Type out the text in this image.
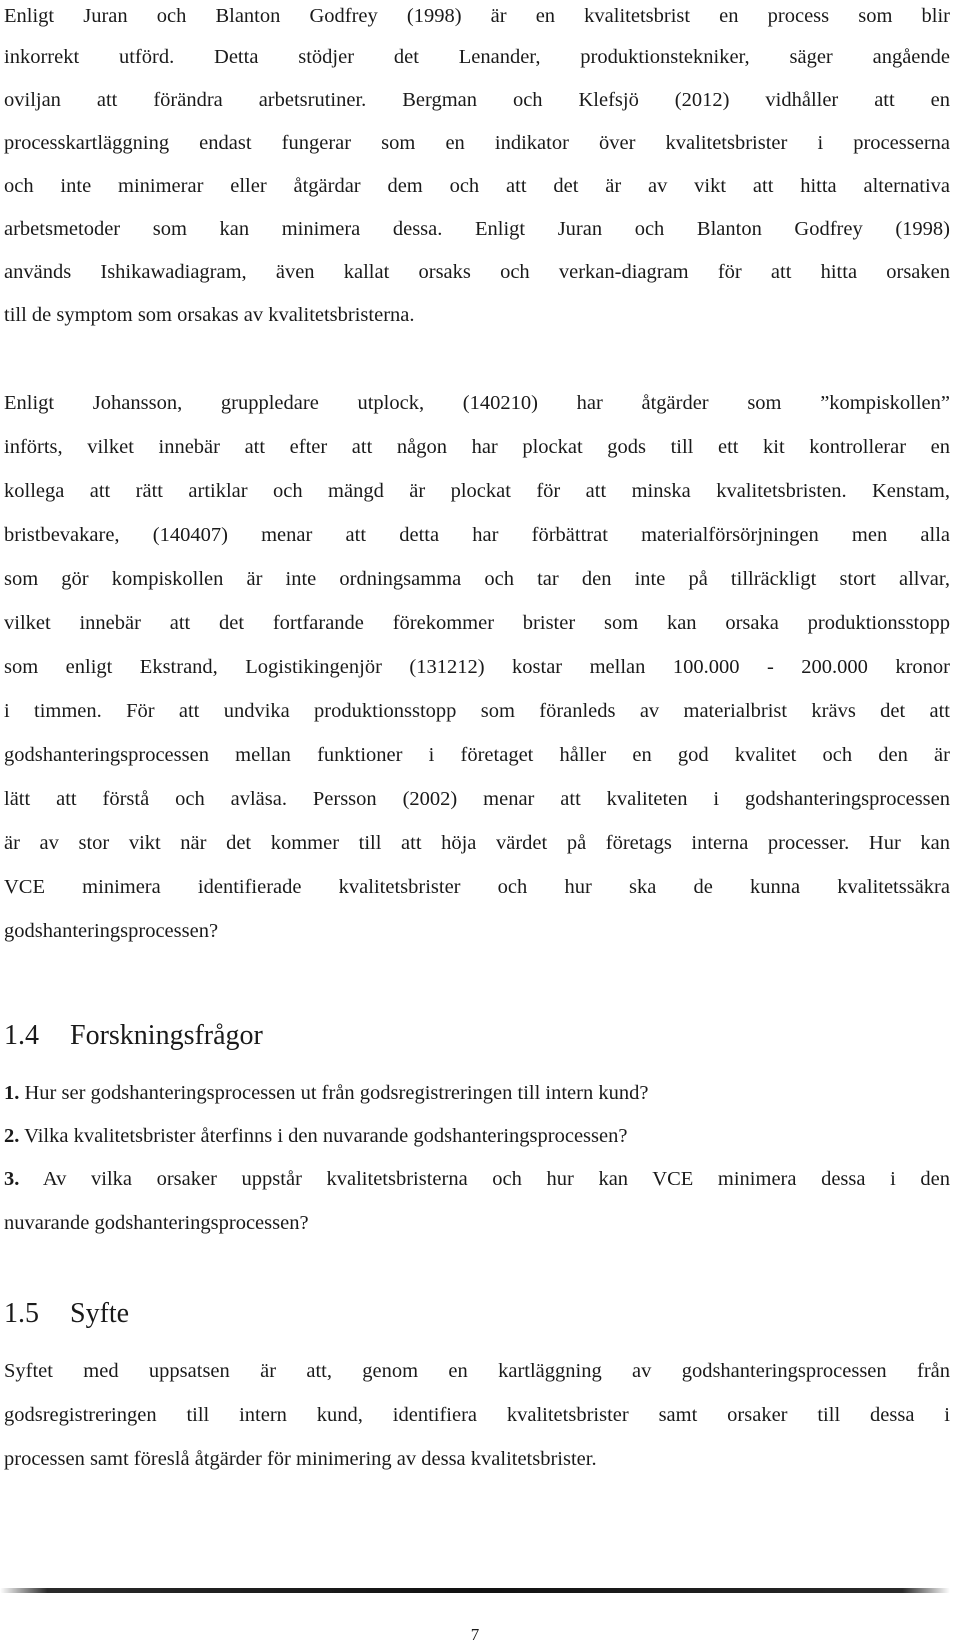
Enligt Juran och Blanton Godfrey (1998) är en kvalitetsbrist en process som blir
inkorrekt utförd. Detta stödjer det Lenander, produktionstekniker, säger angående
oviljan att förändra arbetsrutiner. Bergman och Klefsjö (2012) vidhåller att en
processkartläggning endast fungerar som en indikator över kvalitetsbrister i processerna
och inte minimerar eller åtgärdar dem och att det är av vikt att hitta alternativa
arbetsmetoder som kan minimera dessa. Enligt Juran och Blanton Godfrey (1998)
används Ishikawadiagram, även kallat orsaks och verkan-diagram för att hitta orsaken
till de symptom som orsakas av kvalitetsbristerna.
Enligt Johansson, gruppledare utplock, (140210) har åtgärder som ”kompiskollen”
införts, vilket innebär att efter att någon har plockat gods till ett kit kontrollerar en
kollega att rätt artiklar och mängd är plockat för att minska kvalitetsbristen. Kenstam,
bristbevakare, (140407) menar att detta har förbättrat materialförsörjningen men alla
som gör kompiskollen är inte ordningsamma och tar den inte på tillräckligt stort allvar,
vilket innebär att det fortfarande förekommer brister som kan orsaka produktionsstopp
som enligt Ekstrand, Logistikingenjör (131212) kostar mellan 100.000 - 200.000 kronor
i timmen. För att undvika produktionsstopp som föranleds av materialbrist krävs det att
godshanteringsprocessen mellan funktioner i företaget håller en god kvalitet och den är
lätt att förstå och avläsa. Persson (2002) menar att kvaliteten i godshanteringsprocessen
är av stor vikt när det kommer till att höja värdet på företags interna processer. Hur kan
VCE minimera identifierade kvalitetsbrister och hur ska de kunna kvalitetssäkra
godshanteringsprocessen?
1.4 Forskningsfrågor
1. Hur ser godshanteringsprocessen ut från godsregistreringen till intern kund?
2. Vilka kvalitetsbrister återfinns i den nuvarande godshanteringsprocessen?
3. Av vilka orsaker uppstår kvalitetsbristerna och hur kan VCE minimera dessa i den
nuvarande godshanteringsprocessen?
1.5 Syfte
Syftet med uppsatsen är att, genom en kartläggning av godshanteringsprocessen från
godsregistreringen till intern kund, identifiera kvalitetsbrister samt orsaker till dessa i
processen samt föreslå åtgärder för minimering av dessa kvalitetsbrister.
7
